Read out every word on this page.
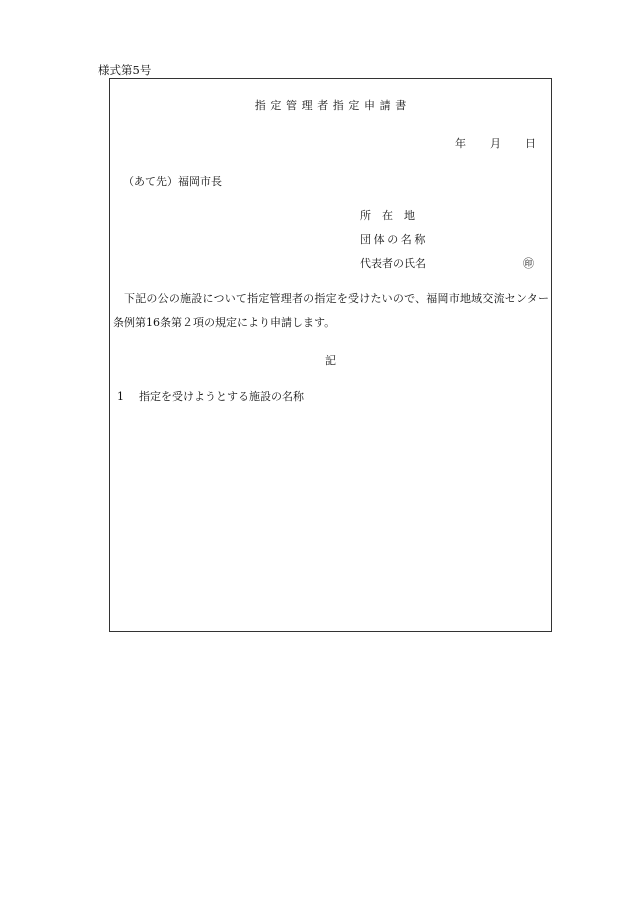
様式第5号
指定管理者指定申請書
年 月 日
（あて先）福岡市長
所在地
団体の名称
代表者の氏名	㊞
下記の公の施設について指定管理者の指定を受けたいので、福岡市地域交流センター条例第16条第２項の規定により申請します。
記
1 指定を受けようとする施設の名称
